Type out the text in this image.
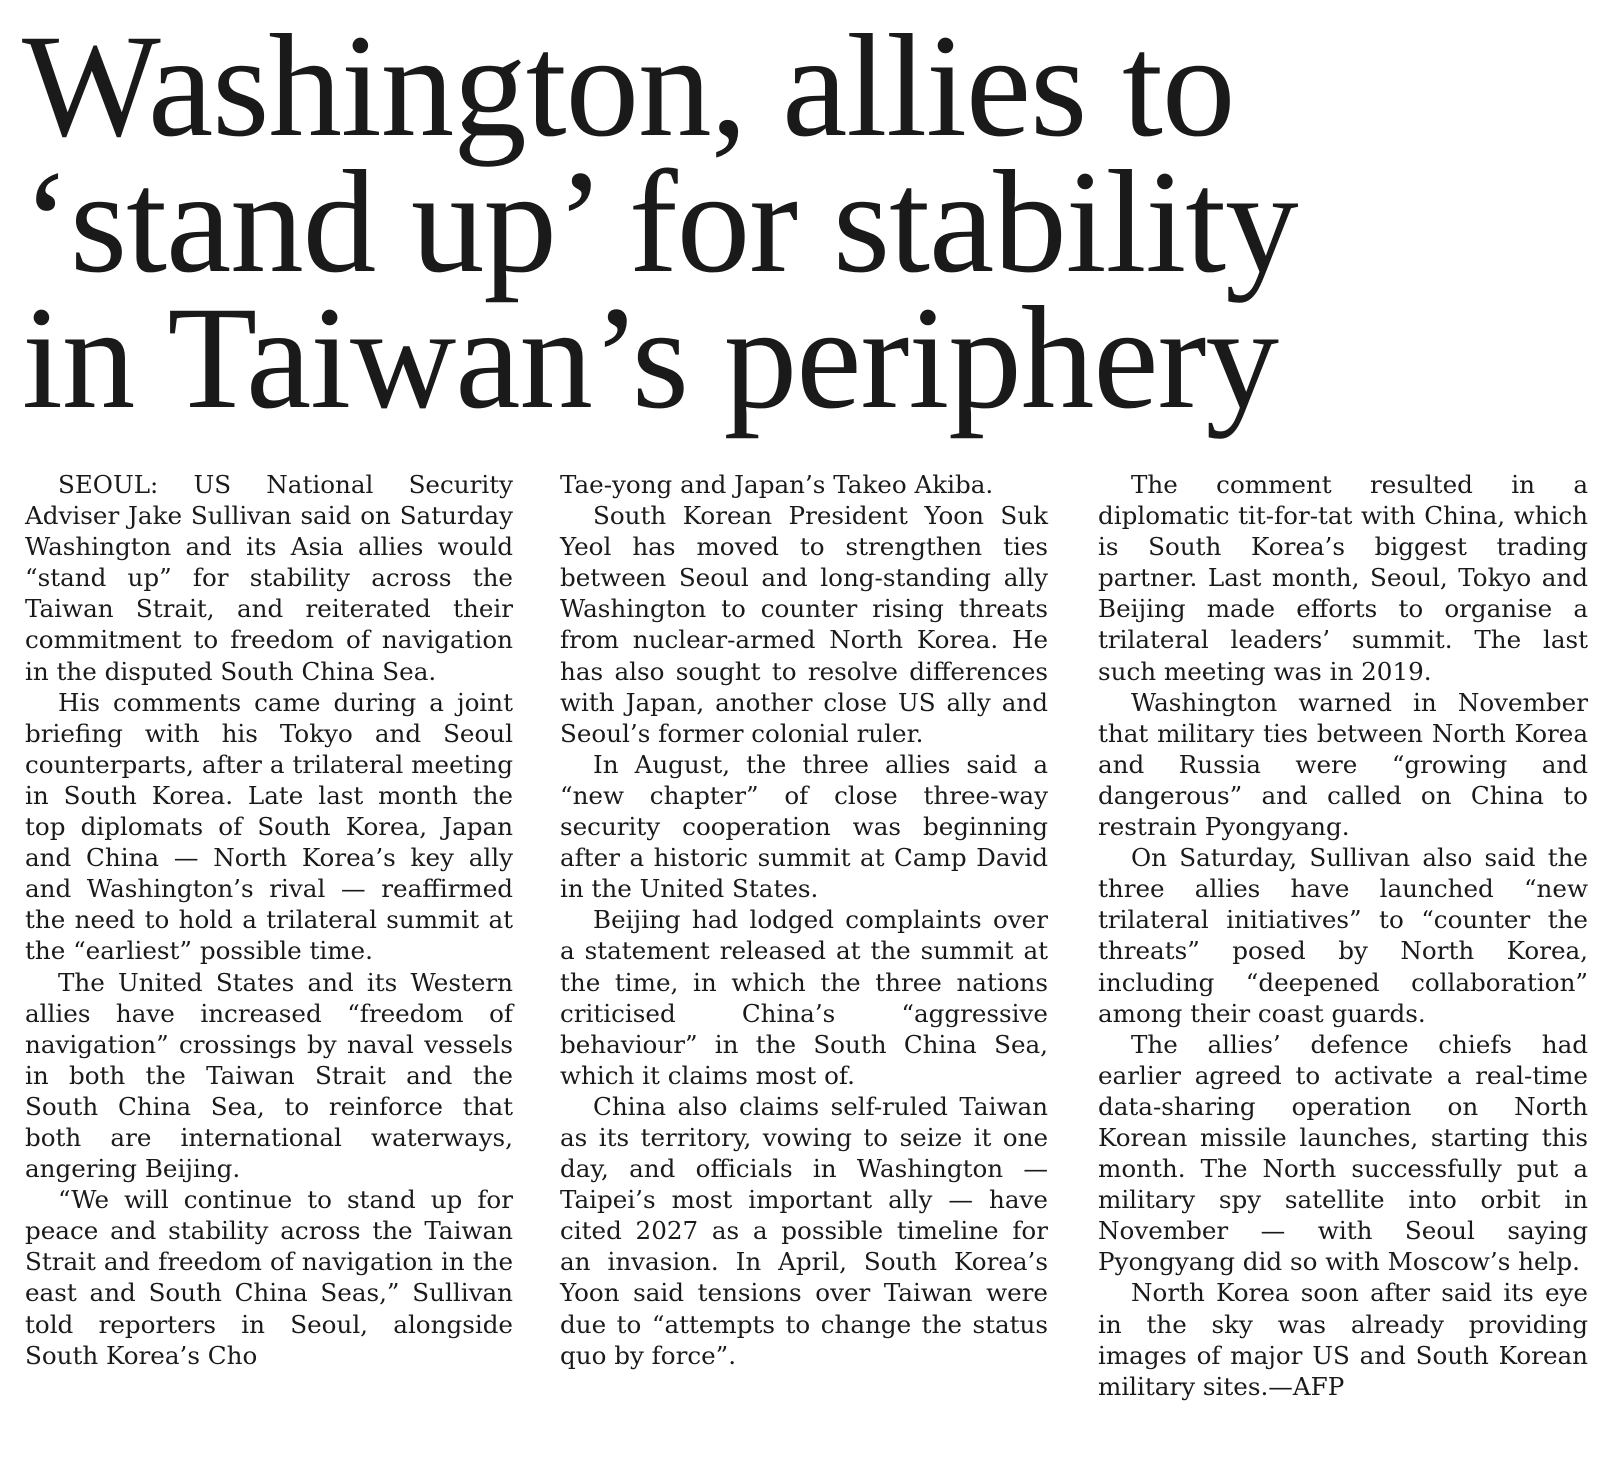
Washington, allies to
‘stand up’ for stability
in Taiwan’s periphery

SEOUL: US National Security Adviser Jake Sullivan said on Saturday Washington and its Asia allies would “stand up” for stability across the Taiwan Strait, and reiterated their commitment to freedom of navigation in the disputed South China Sea.

His comments came during a joint briefing with his Tokyo and Seoul counterparts, after a trilateral meeting in South Korea. Late last month the top diplomats of South Korea, Japan and China — North Korea’s key ally and Washington’s rival — reaffirmed the need to hold a trilateral summit at the “earliest” possible time.

The United States and its Western allies have increased “freedom of navigation” crossings by naval vessels in both the Taiwan Strait and the South China Sea, to reinforce that both are international waterways, angering Beijing.

“We will continue to stand up for peace and stability across the Taiwan Strait and freedom of navigation in the east and South China Seas,” Sullivan told reporters in Seoul, alongside South Korea’s Cho

Tae-yong and Japan’s Takeo Akiba.

South Korean President Yoon Suk Yeol has moved to strengthen ties between Seoul and long-standing ally Washington to counter rising threats from nuclear-armed North Korea. He has also sought to resolve differences with Japan, another close US ally and Seoul’s former colonial ruler.

In August, the three allies said a “new chapter” of close three-way security cooperation was beginning after a historic summit at Camp David in the United States.

Beijing had lodged complaints over a statement released at the summit at the time, in which the three nations criticised China’s “aggressive behaviour” in the South China Sea, which it claims most of.

China also claims self-ruled Taiwan as its territory, vowing to seize it one day, and officials in Washington — Taipei’s most important ally — have cited 2027 as a possible timeline for an invasion. In April, South Korea’s Yoon said tensions over Taiwan were due to “attempts to change the status quo by force”.

The comment resulted in a diplomatic tit-for-tat with China, which is South Korea’s biggest trading partner. Last month, Seoul, Tokyo and Beijing made efforts to organise a trilateral leaders’ summit. The last such meeting was in 2019.

Washington warned in November that military ties between North Korea and Russia were “growing and dangerous” and called on China to restrain Pyongyang.

On Saturday, Sullivan also said the three allies have launched “new trilateral initiatives” to “counter the threats” posed by North Korea, including “deepened collaboration” among their coast guards.

The allies’ defence chiefs had earlier agreed to activate a real-time data-sharing operation on North Korean missile launches, starting this month. The North successfully put a military spy satellite into orbit in November — with Seoul saying Pyongyang did so with Moscow’s help.

North Korea soon after said its eye in the sky was already providing images of major US and South Korean military sites.—AFP
